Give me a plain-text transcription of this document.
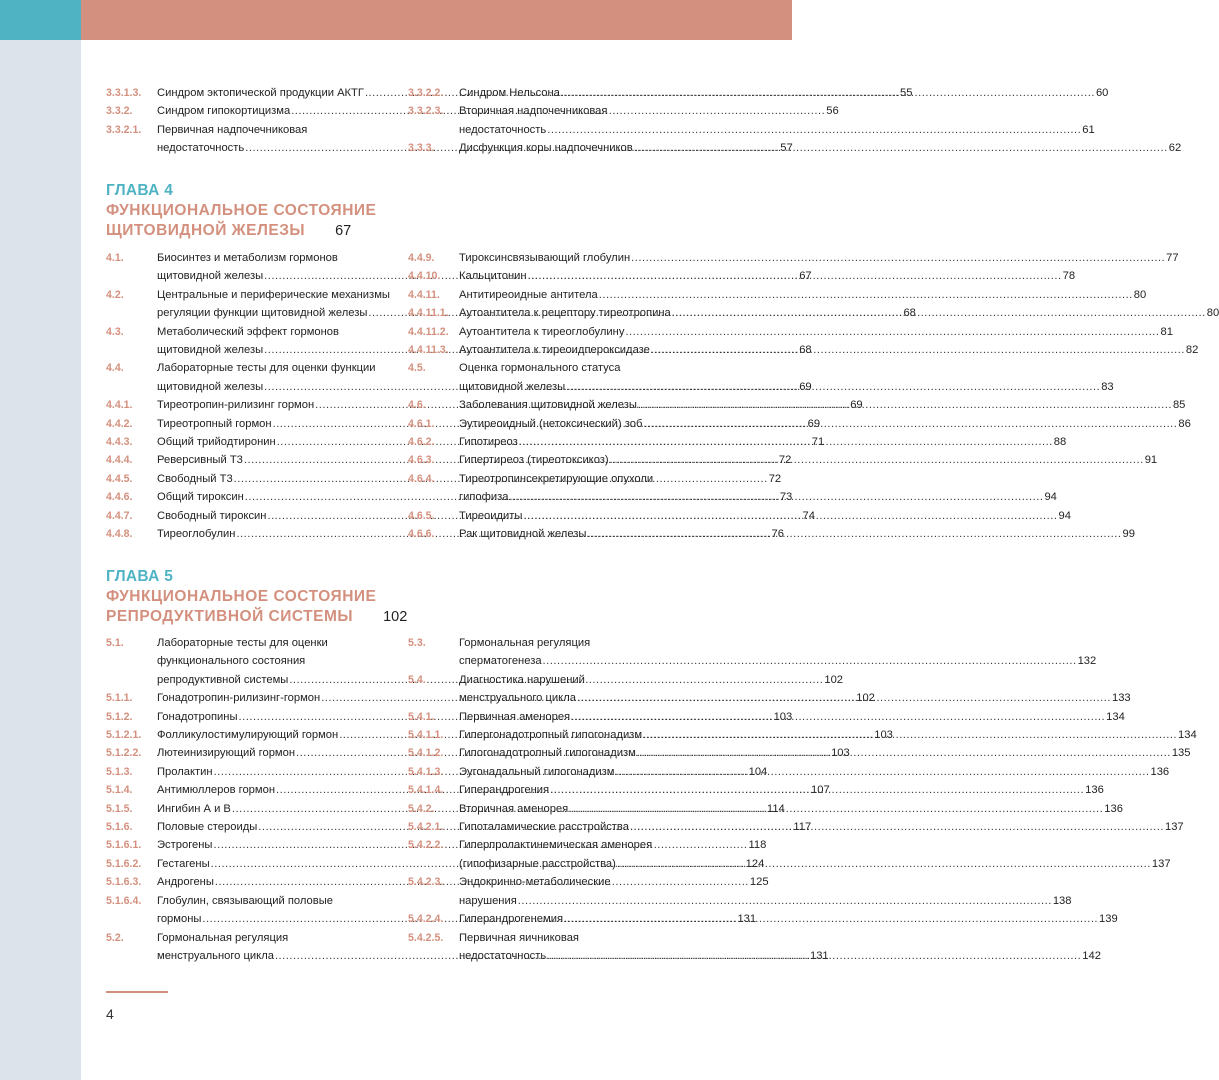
3.3.1.3.	Синдром эктопической продукции АКТГ .....	55
3.3.2.	Синдром гипокортицизма .....	56
3.3.2.1.	Первичная надпочечниковая
недостаточность .....	57
3.3.2.2.	Синдром Нельсона .....	60
3.3.2.3.	Вторичная надпочечниковая
недостаточность .....	61
3.3.3.	Дисфункция коры надпочечников .....	62
ГЛАВА 4
ФУНКЦИОНАЛЬНОЕ СОСТОЯНИЕ
ЩИТОВИДНОЙ ЖЕЛЕЗЫ 67
4.1.	Биосинтез и метаболизм гормонов
щитовидной железы .....	67
4.2.	Центральные и периферические механизмы
регуляции функции щитовидной железы .....	68
4.3.	Метаболический эффект гормонов
щитовидной железы .....	68
4.4.	Лабораторные тесты для оценки функции
щитовидной железы .....	69
4.4.1.	Тиреотропин-рилизинг гормон .....	69
4.4.2.	Тиреотропный гормон .....	69
4.4.3.	Общий трийодтиронин .....	71
4.4.4.	Реверсивный Т3 .....	72
4.4.5.	Свободный Т3 .....	72
4.4.6.	Общий тироксин .....	73
4.4.7.	Свободный тироксин .....	74
4.4.8.	Тиреоглобулин .....	76
4.4.9.	Тироксинсвязывающий глобулин .....	77
4.4.10.	Кальцитонин .....	78
4.4.11.	Антитиреоидные антитела .....	80
4.4.11.1. Аутоантитела к рецептору тиреотропина .....	80
4.4.11.2. Аутоантитела к тиреоглобулину .....	81
4.4.11.3. Аутоантитела к тиреоидпероксидазе .....	82
4.5.	Оценка гормонального статуса
щитовидной железы .....	83
4.6.	Заболевания щитовидной железы .....	85
4.6.1.	Эутиреоидный (нетоксический) зоб .....	86
4.6.2.	Гипотиреоз .....	88
4.6.3.	Гипертиреоз (тиреотоксикоз) .....	91
4.6.4.	Тиреотропинсекретирующие опухоли
гипофиза .....	94
4.6.5.	Тиреоидиты .....	94
4.6.6.	Рак щитовидной железы .....	99
ГЛАВА 5
ФУНКЦИОНАЛЬНОЕ СОСТОЯНИЕ
РЕПРОДУКТИВНОЙ СИСТЕМЫ 102
5.1.	Лабораторные тесты для оценки
функционального состояния
репродуктивной системы .....	102
5.1.1.	Гонадотропин-рилизинг-гормон .....	102
5.1.2.	Гонадотропины .....	103
5.1.2.1.	Фолликулостимулирующий гормон .....	103
5.1.2.2.	Лютеинизирующий гормон .....	103
5.1.3.	Пролактин .....	104
5.1.4.	Антимюллеров гормон .....	107
5.1.5.	Ингибин А и В .....	114
5.1.6.	Половые стероиды .....	117
5.1.6.1.	Эстрогены .....	118
5.1.6.2.	Гестагены .....	124
5.1.6.3.	Андрогены .....	125
5.1.6.4.	Глобулин, связывающий половые
гормоны .....	131
5.2.	Гормональная регуляция
менструального цикла .....	131
5.3.	Гормональная регуляция
сперматогенеза .....	132
5.4.	Диагностика нарушений
менструального цикла .....	133
5.4.1.	Первичная аменорея .....	134
5.4.1.1.	Гипергонадотропный гипогонадизм .....	134
5.4.1.2.	Гипогонадотропный гипогонадизм .....	135
5.4.1.3.	Эугонадальный гипогонадизм .....	136
5.4.1.4.	Гиперандрогения .....	136
5.4.2.	Вторичная аменорея .....	136
5.4.2.1.	Гипоталамические расстройства .....	137
5.4.2.2.	Гиперпролактинемическая аменорея
(гипофизарные расстройства) .....	137
5.4.2.3.	Эндокринно-метаболические
нарушения .....	138
5.4.2.4.	Гиперандрогенемия .....	139
5.4.2.5.	Первичная яичниковая
недостаточность .....	142
4
